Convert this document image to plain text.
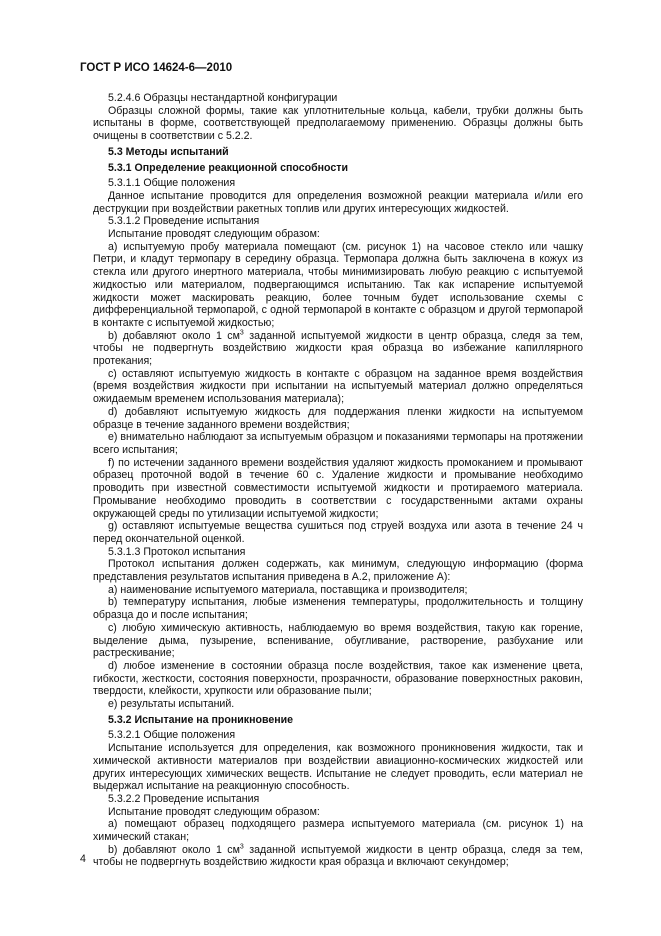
ГОСТ Р ИСО 14624-6—2010

5.2.4.6 Образцы нестандартной конфигурации

Образцы сложной формы, такие как уплотнительные кольца, кабели, трубки должны быть испытаны в форме, соответствующей предполагаемому применению. Образцы должны быть очищены в соответствии с 5.2.2.

5.3 Методы испытаний

5.3.1 Определение реакционной способности

5.3.1.1 Общие положения

Данное испытание проводится для определения возможной реакции материала и/или его деструкции при воздействии ракетных топлив или других интересующих жидкостей.

5.3.1.2 Проведение испытания

Испытание проводят следующим образом:

a) испытуемую пробу материала помещают (см. рисунок 1) на часовое стекло или чашку Петри, и кладут термопару в середину образца. Термопара должна быть заключена в кожух из стекла или другого инертного материала, чтобы минимизировать любую реакцию с испытуемой жидкостью или материалом, подвергающимся испытанию. Так как испарение испытуемой жидкости может маскировать реакцию, более точным будет использование схемы с дифференциальной термопарой, с одной термопарой в контакте с образцом и другой термопарой в контакте с испытуемой жидкостью;

b) добавляют около 1 $см^3$ заданной испытуемой жидкости в центр образца, следя за тем, чтобы не подвергнуть воздействию жидкости края образца во избежание капиллярного протекания;

c) оставляют испытуемую жидкость в контакте с образцом на заданное время воздействия (время воздействия жидкости при испытании на испытуемый материал должно определяться ожидаемым временем использования материала);

d) добавляют испытуемую жидкость для поддержания пленки жидкости на испытуемом образце в течение заданного времени воздействия;

e) внимательно наблюдают за испытуемым образцом и показаниями термопары на протяжении всего испытания;

f) по истечении заданного времени воздействия удаляют жидкость промоканием и промывают образец проточной водой в течение 60 с. Удаление жидкости и промывание необходимо проводить при известной совместимости испытуемой жидкости и протираемого материала. Промывание необходимо проводить в соответствии с государственными актами охраны окружающей среды по утилизации испытуемой жидкости;

g) оставляют испытуемые вещества сушиться под струей воздуха или азота в течение 24 ч перед окончательной оценкой.

5.3.1.3 Протокол испытания

Протокол испытания должен содержать, как минимум, следующую информацию (форма представления результатов испытания приведена в А.2, приложение А):

a) наименование испытуемого материала, поставщика и производителя;

b) температуру испытания, любые изменения температуры, продолжительность и толщину образца до и после испытания;

c) любую химическую активность, наблюдаемую во время воздействия, такую как горение, выделение дыма, пузырение, вспенивание, обугливание, растворение, разбухание или растрескивание;

d) любое изменение в состоянии образца после воздействия, такое как изменение цвета, гибкости, жесткости, состояния поверхности, прозрачности, образование поверхностных раковин, твердости, клейкости, хрупкости или образование пыли;

e) результаты испытаний.

5.3.2 Испытание на проникновение

5.3.2.1 Общие положения

Испытание используется для определения, как возможного проникновения жидкости, так и химической активности материалов при воздействии авиационно-космических жидкостей или других интересующих химических веществ. Испытание не следует проводить, если материал не выдержал испытание на реакционную способность.

5.3.2.2 Проведение испытания

Испытание проводят следующим образом:

a) помещают образец подходящего размера испытуемого материала (см. рисунок 1) на химический стакан;

b) добавляют около 1 $см^3$ заданной испытуемой жидкости в центр образца, следя за тем, чтобы не подвергнуть воздействию жидкости края образца и включают секундомер;

4
